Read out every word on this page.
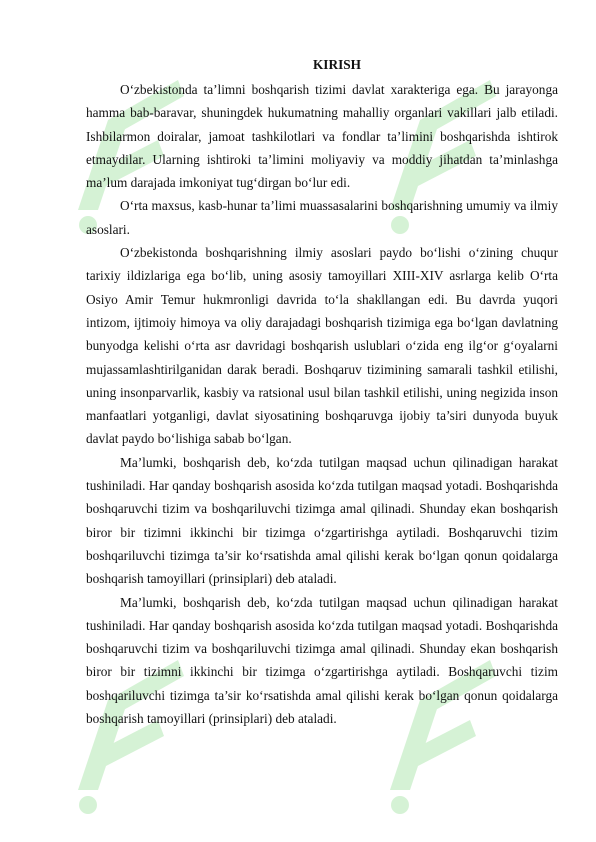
KIRISH

O‘zbekistonda ta’limni boshqarish tizimi davlat xarakteriga ega. Bu jarayonga hamma bab-baravar, shuningdek hukumatning mahalliy organlari vakillari jalb etiladi. Ishbilarmon doiralar, jamoat tashkilotlari va fondlar ta’limini boshqarishda ishtirok etmaydilar. Ularning ishtiroki ta’limini moliyaviy va moddiy jihatdan ta’minlashga ma’lum darajada imkoniyat tug‘dirgan bo‘lur edi.

O‘rta maxsus, kasb-hunar ta’limi muassasalarini boshqarishning umumiy va ilmiy asoslari.

O‘zbekistonda boshqarishning ilmiy asoslari paydo bo‘lishi o‘zining chuqur tarixiy ildizlariga ega bo‘lib, uning asosiy tamoyillari XIII-XIV asrlarga kelib O‘rta Osiyo Amir Temur hukmronligi davrida to‘la shakllangan edi. Bu davrda yuqori intizom, ijtimoiy himoya va oliy darajadagi boshqarish tizimiga ega bo‘lgan davlatning bunyodga kelishi o‘rta asr davridagi boshqarish uslublari o‘zida eng ilg‘or g‘oyalarni mujassamlashtirilganidan darak beradi. Boshqaruv tizimining samarali tashkil etilishi, uning insonparvarlik, kasbiy va ratsional usul bilan tashkil etilishi, uning negizida inson manfaatlari yotganligi, davlat siyosatining boshqaruvga ijobiy ta’siri dunyoda buyuk davlat paydo bo‘lishiga sabab bo‘lgan.

Ma’lumki, boshqarish deb, ko‘zda tutilgan maqsad uchun qilinadigan harakat tushiniladi. Har qanday boshqarish asosida ko‘zda tutilgan maqsad yotadi. Boshqarishda boshqaruvchi tizim va boshqariluvchi tizimga amal qilinadi. Shunday ekan boshqarish biror bir tizimni ikkinchi bir tizimga o‘zgartirishga aytiladi. Boshqaruvchi tizim boshqariluvchi tizimga ta’sir ko‘rsatishda amal qilishi kerak bo‘lgan qonun qoidalarga boshqarish tamoyillari (prinsiplari) deb ataladi.

Ma’lumki, boshqarish deb, ko‘zda tutilgan maqsad uchun qilinadigan harakat tushiniladi. Har qanday boshqarish asosida ko‘zda tutilgan maqsad yotadi. Boshqarishda boshqaruvchi tizim va boshqariluvchi tizimga amal qilinadi. Shunday ekan boshqarish biror bir tizimni ikkinchi bir tizimga o‘zgartirishga aytiladi. Boshqaruvchi tizim boshqariluvchi tizimga ta’sir ko‘rsatishda amal qilishi kerak bo‘lgan qonun qoidalarga boshqarish tamoyillari (prinsiplari) deb ataladi.
